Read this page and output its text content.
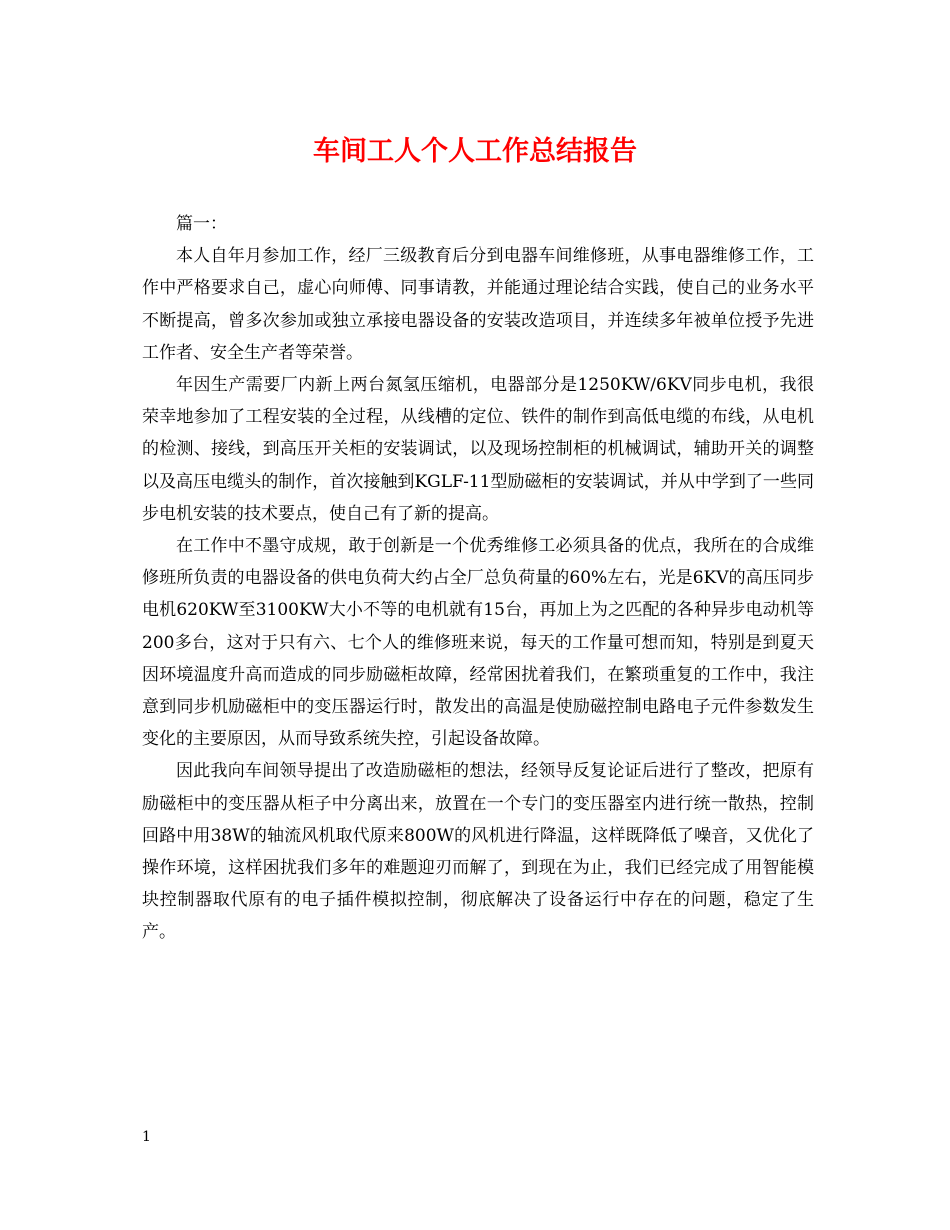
车间工人个人工作总结报告

篇一：

本人自年月参加工作，经厂三级教育后分到电器车间维修班，从事电器维修工作，工作中严格要求自己，虚心向师傅、同事请教，并能通过理论结合实践，使自己的业务水平不断提高，曾多次参加或独立承接电器设备的安装改造项目，并连续多年被单位授予先进工作者、安全生产者等荣誉。

年因生产需要厂内新上两台氮氢压缩机，电器部分是1250KW/6KV同步电机，我很荣幸地参加了工程安装的全过程，从线槽的定位、铁件的制作到高低电缆的布线，从电机的检测、接线，到高压开关柜的安装调试，以及现场控制柜的机械调试，辅助开关的调整以及高压电缆头的制作，首次接触到KGLF-11型励磁柜的安装调试，并从中学到了一些同步电机安装的技术要点，使自己有了新的提高。

在工作中不墨守成规，敢于创新是一个优秀维修工必须具备的优点，我所在的合成维修班所负责的电器设备的供电负荷大约占全厂总负荷量的60%左右，光是6KV的高压同步电机620KW至3100KW大小不等的电机就有15台，再加上为之匹配的各种异步电动机等200多台，这对于只有六、七个人的维修班来说，每天的工作量可想而知，特别是到夏天因环境温度升高而造成的同步励磁柜故障，经常困扰着我们，在繁琐重复的工作中，我注意到同步机励磁柜中的变压器运行时，散发出的高温是使励磁控制电路电子元件参数发生变化的主要原因，从而导致系统失控，引起设备故障。

因此我向车间领导提出了改造励磁柜的想法，经领导反复论证后进行了整改，把原有励磁柜中的变压器从柜子中分离出来，放置在一个专门的变压器室内进行统一散热，控制回路中用38W的轴流风机取代原来800W的风机进行降温，这样既降低了噪音，又优化了操作环境，这样困扰我们多年的难题迎刃而解了，到现在为止，我们已经完成了用智能模块控制器取代原有的电子插件模拟控制，彻底解决了设备运行中存在的问题，稳定了生产。

1
